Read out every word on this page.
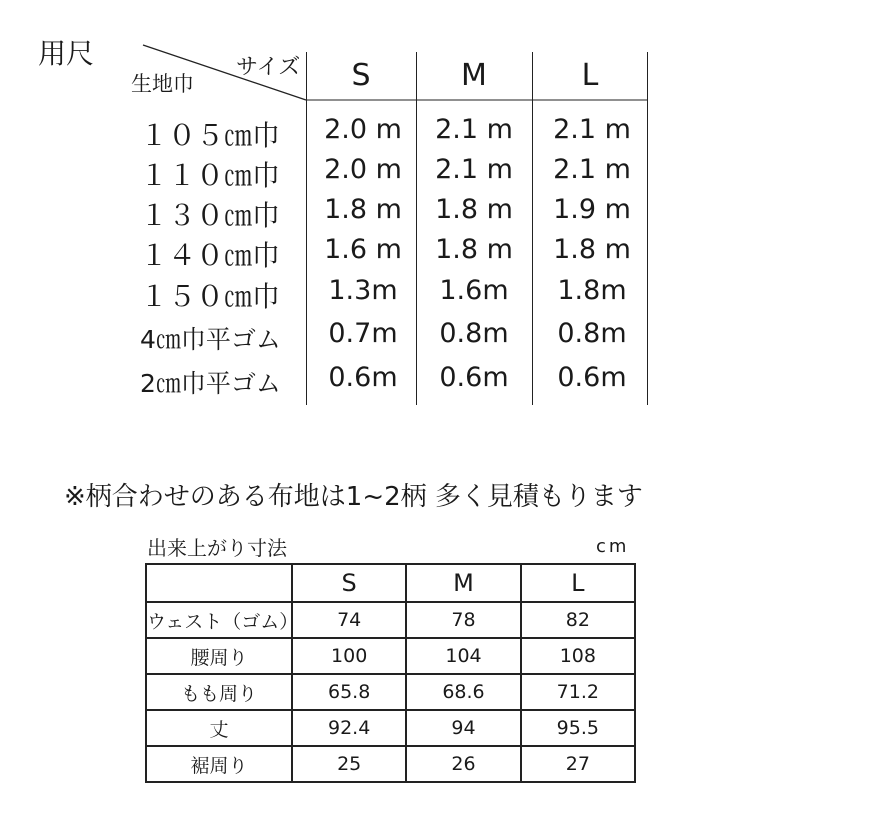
用尺	サイズ
生地巾	S	M	L
１０５㎝巾	2.0 m	2.1 m	2.1 m
１１０㎝巾	2.0 m	2.1 m	2.1 m
１３０㎝巾	1.8 m	1.8 m	1.9 m
１４０㎝巾	1.6 m	1.8 m	1.8 m
１５０㎝巾	1.3m	1.6m	1.8m
4㎝巾平ゴム	0.7m	0.8m	0.8m
2㎝巾平ゴム	0.6m	0.6m	0.6m
※柄合わせのある布地は1~2柄 多く見積もります
出来上がり寸法	cm
	S	M	L
ウェスト（ゴム）	74	78	82
腰周り	100	104	108
もも周り	65.8	68.6	71.2
丈	92.4	94	95.5
裾周り	25	26	27
